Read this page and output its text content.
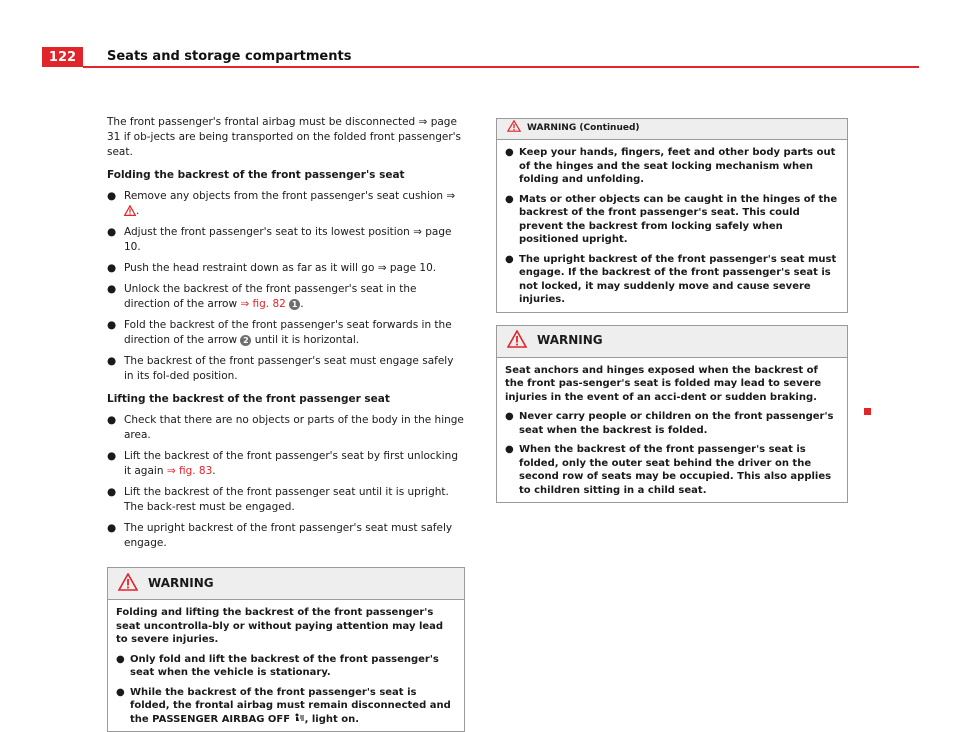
122	Seats and storage compartments

The front passenger's frontal airbag must be disconnected ⇒ page 31 if ob-jects are being transported on the folded front passenger's seat.

Folding the backrest of the front passenger's seat
● Remove any objects from the front passenger's seat cushion ⇒ .
● Adjust the front passenger's seat to its lowest position ⇒ page 10.
● Push the head restraint down as far as it will go ⇒ page 10.
● Unlock the backrest of the front passenger's seat in the direction of the arrow ⇒ fig. 82 1 .
● Fold the backrest of the front passenger's seat forwards in the direction of the arrow 2 until it is horizontal.
● The backrest of the front passenger's seat must engage safely in its fol-ded position.
Lifting the backrest of the front passenger seat
● Check that there are no objects or parts of the body in the hinge area.
● Lift the backrest of the front passenger's seat by first unlocking it again ⇒ fig. 83.
● Lift the backrest of the front passenger seat until it is upright. The back-rest must be engaged.
● The upright backrest of the front passenger's seat must safely engage.
WARNING

Folding and lifting the backrest of the front passenger's seat uncontrolla-bly or without paying attention may lead to severe injuries.

● Only fold and lift the backrest of the front passenger's seat when the vehicle is stationary.
● While the backrest of the front passenger's seat is folded, the frontal airbag must remain disconnected and the PASSENGER AIRBAG OFF , light on.
WARNING (Continued)
● Keep your hands, fingers, feet and other body parts out of the hinges and the seat locking mechanism when folding and unfolding.
● Mats or other objects can be caught in the hinges of the backrest of the front passenger's seat. This could prevent the backrest from locking safely when positioned upright.
● The upright backrest of the front passenger's seat must engage. If the backrest of the front passenger's seat is not locked, it may suddenly move and cause severe injuries.
WARNING

Seat anchors and hinges exposed when the backrest of the front pas-senger's seat is folded may lead to severe injuries in the event of an acci-dent or sudden braking.

● Never carry people or children on the front passenger's seat when the backrest is folded.
● When the backrest of the front passenger's seat is folded, only the outer seat behind the driver on the second row of seats may be occupied. This also applies to children sitting in a child seat.
